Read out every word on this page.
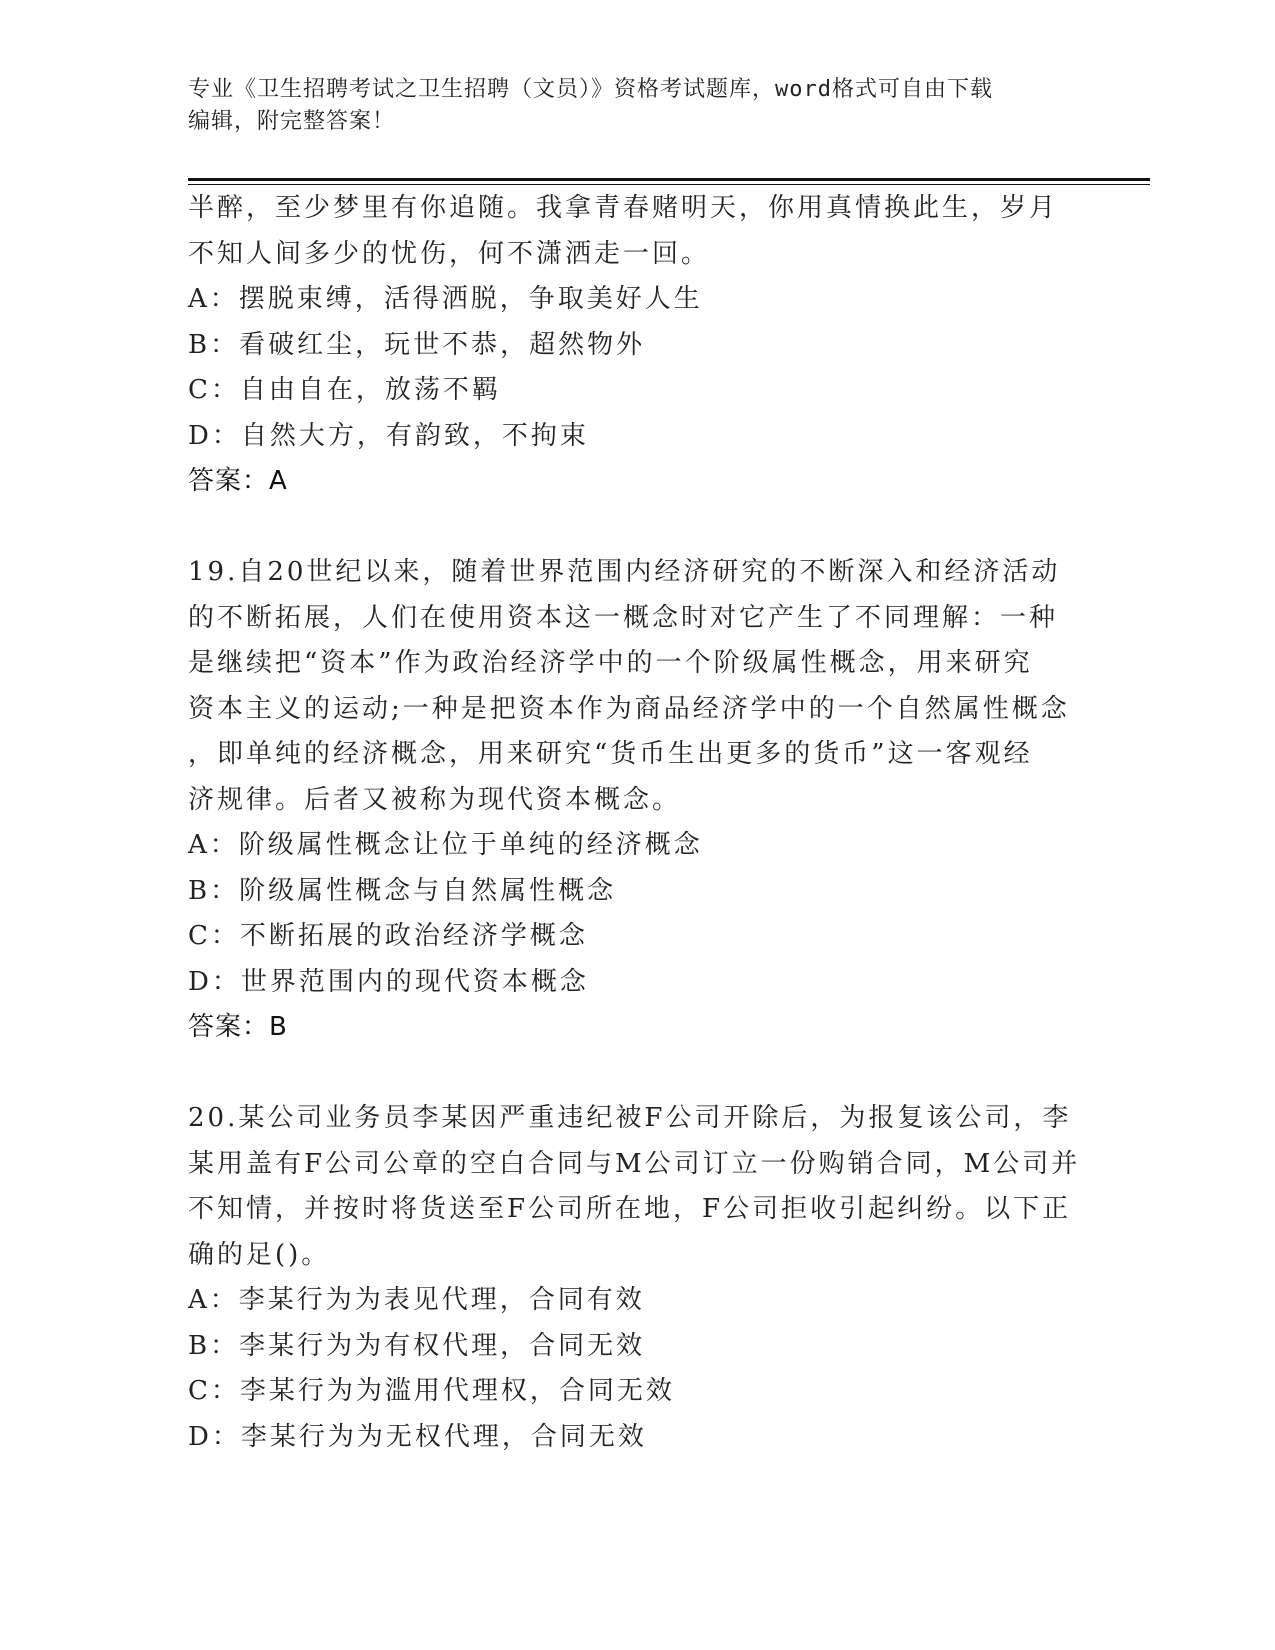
专业《卫生招聘考试之卫生招聘（文员）》资格考试题库，word格式可自由下载
编辑，附完整答案！
半醉，至少梦里有你追随。我拿青春赌明天，你用真情换此生，岁月
不知人间多少的忧伤，何不潇洒走一回。
A：摆脱束缚，活得洒脱，争取美好人生
B：看破红尘，玩世不恭，超然物外
C：自由自在，放荡不羁
D：自然大方，有韵致，不拘束
答案：A
19.自20世纪以来，随着世界范围内经济研究的不断深入和经济活动
的不断拓展，人们在使用资本这一概念时对它产生了不同理解：一种
是继续把“资本”作为政治经济学中的一个阶级属性概念，用来研究
资本主义的运动;一种是把资本作为商品经济学中的一个自然属性概念
，即单纯的经济概念，用来研究“货币生出更多的货币”这一客观经
济规律。后者又被称为现代资本概念。
A：阶级属性概念让位于单纯的经济概念
B：阶级属性概念与自然属性概念
C：不断拓展的政治经济学概念
D：世界范围内的现代资本概念
答案：B
20.某公司业务员李某因严重违纪被F公司开除后，为报复该公司，李
某用盖有F公司公章的空白合同与M公司订立一份购销合同，M公司并
不知情，并按时将货送至F公司所在地，F公司拒收引起纠纷。以下正
确的足()。
A：李某行为为表见代理，合同有效
B：李某行为为有权代理，合同无效
C：李某行为为滥用代理权，合同无效
D：李某行为为无权代理，合同无效
